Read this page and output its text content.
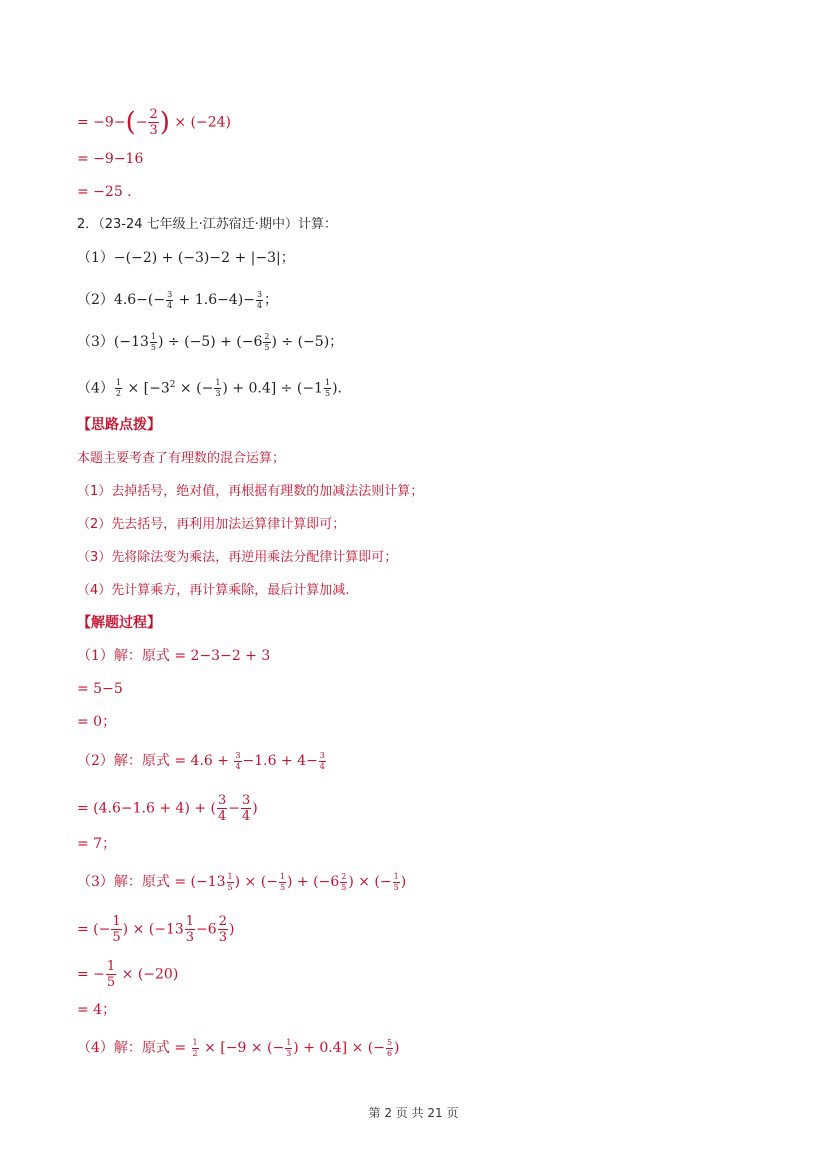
= $-9-(- \frac{2}{3}$ ) × (−24)
= −9−16
= −25 .
2．（23-24 七年级上·江苏宿迁·期中）计算：
（1）−(−2) + (−3)−2 + |−3|；
$(2)4.6-(- \frac{3}{4} + 1.6-4)- \frac{3}{4}$ ；
$(3)(-13 \frac{1}{5}$ ) ÷ $(-5) + (-6 \frac{2}{5}$ ) ÷ (−5)；
$(4) \frac{1}{2} \times [-3^2$ × (− $\frac{1}{3}$ ) + $0.4] \div (-1 \frac{1}{5}$ )．
【思路点拨】
本题主要考查了有理数的混合运算；
（1）去掉括号，绝对值，再根据有理数的加减法法则计算；
（2）先去括号，再利用加法运算律计算即可；
（3）先将除法变为乘法，再逆用乘法分配律计算即可；
（4）先计算乘方，再计算乘除，最后计算加减.
【解题过程】
（1）解：原式 = 2−3−2 + 3
= 5−5
= 0；
（2）解：原式 = $4.6 + \frac{3}{4} -1.6 + 4- \frac{3}{4}$
= (4.6−1.6 + 4) + ( $\frac{3}{4} - \frac{3}{4}$ )
= 7；
（3）解：原式 = ($-13 \frac{1}{5}$ ) × (− $\frac{1}{5}$ ) + ($-6 \frac{2}{5}$ ) × (− $\frac{1}{5}$ )
= (− $\frac{1}{5}$ ) × ($-13 \frac{1}{3} -6 \frac{2}{3}$ )
= − $\frac{1}{5} \times (-20)$
= 4；
（4）解：原式 = $\frac{1}{2} \times [-9$ × (− $\frac{1}{3}$ ) + 0.4] × (− $\frac{5}{6}$ )
第 2 页 共 21 页
